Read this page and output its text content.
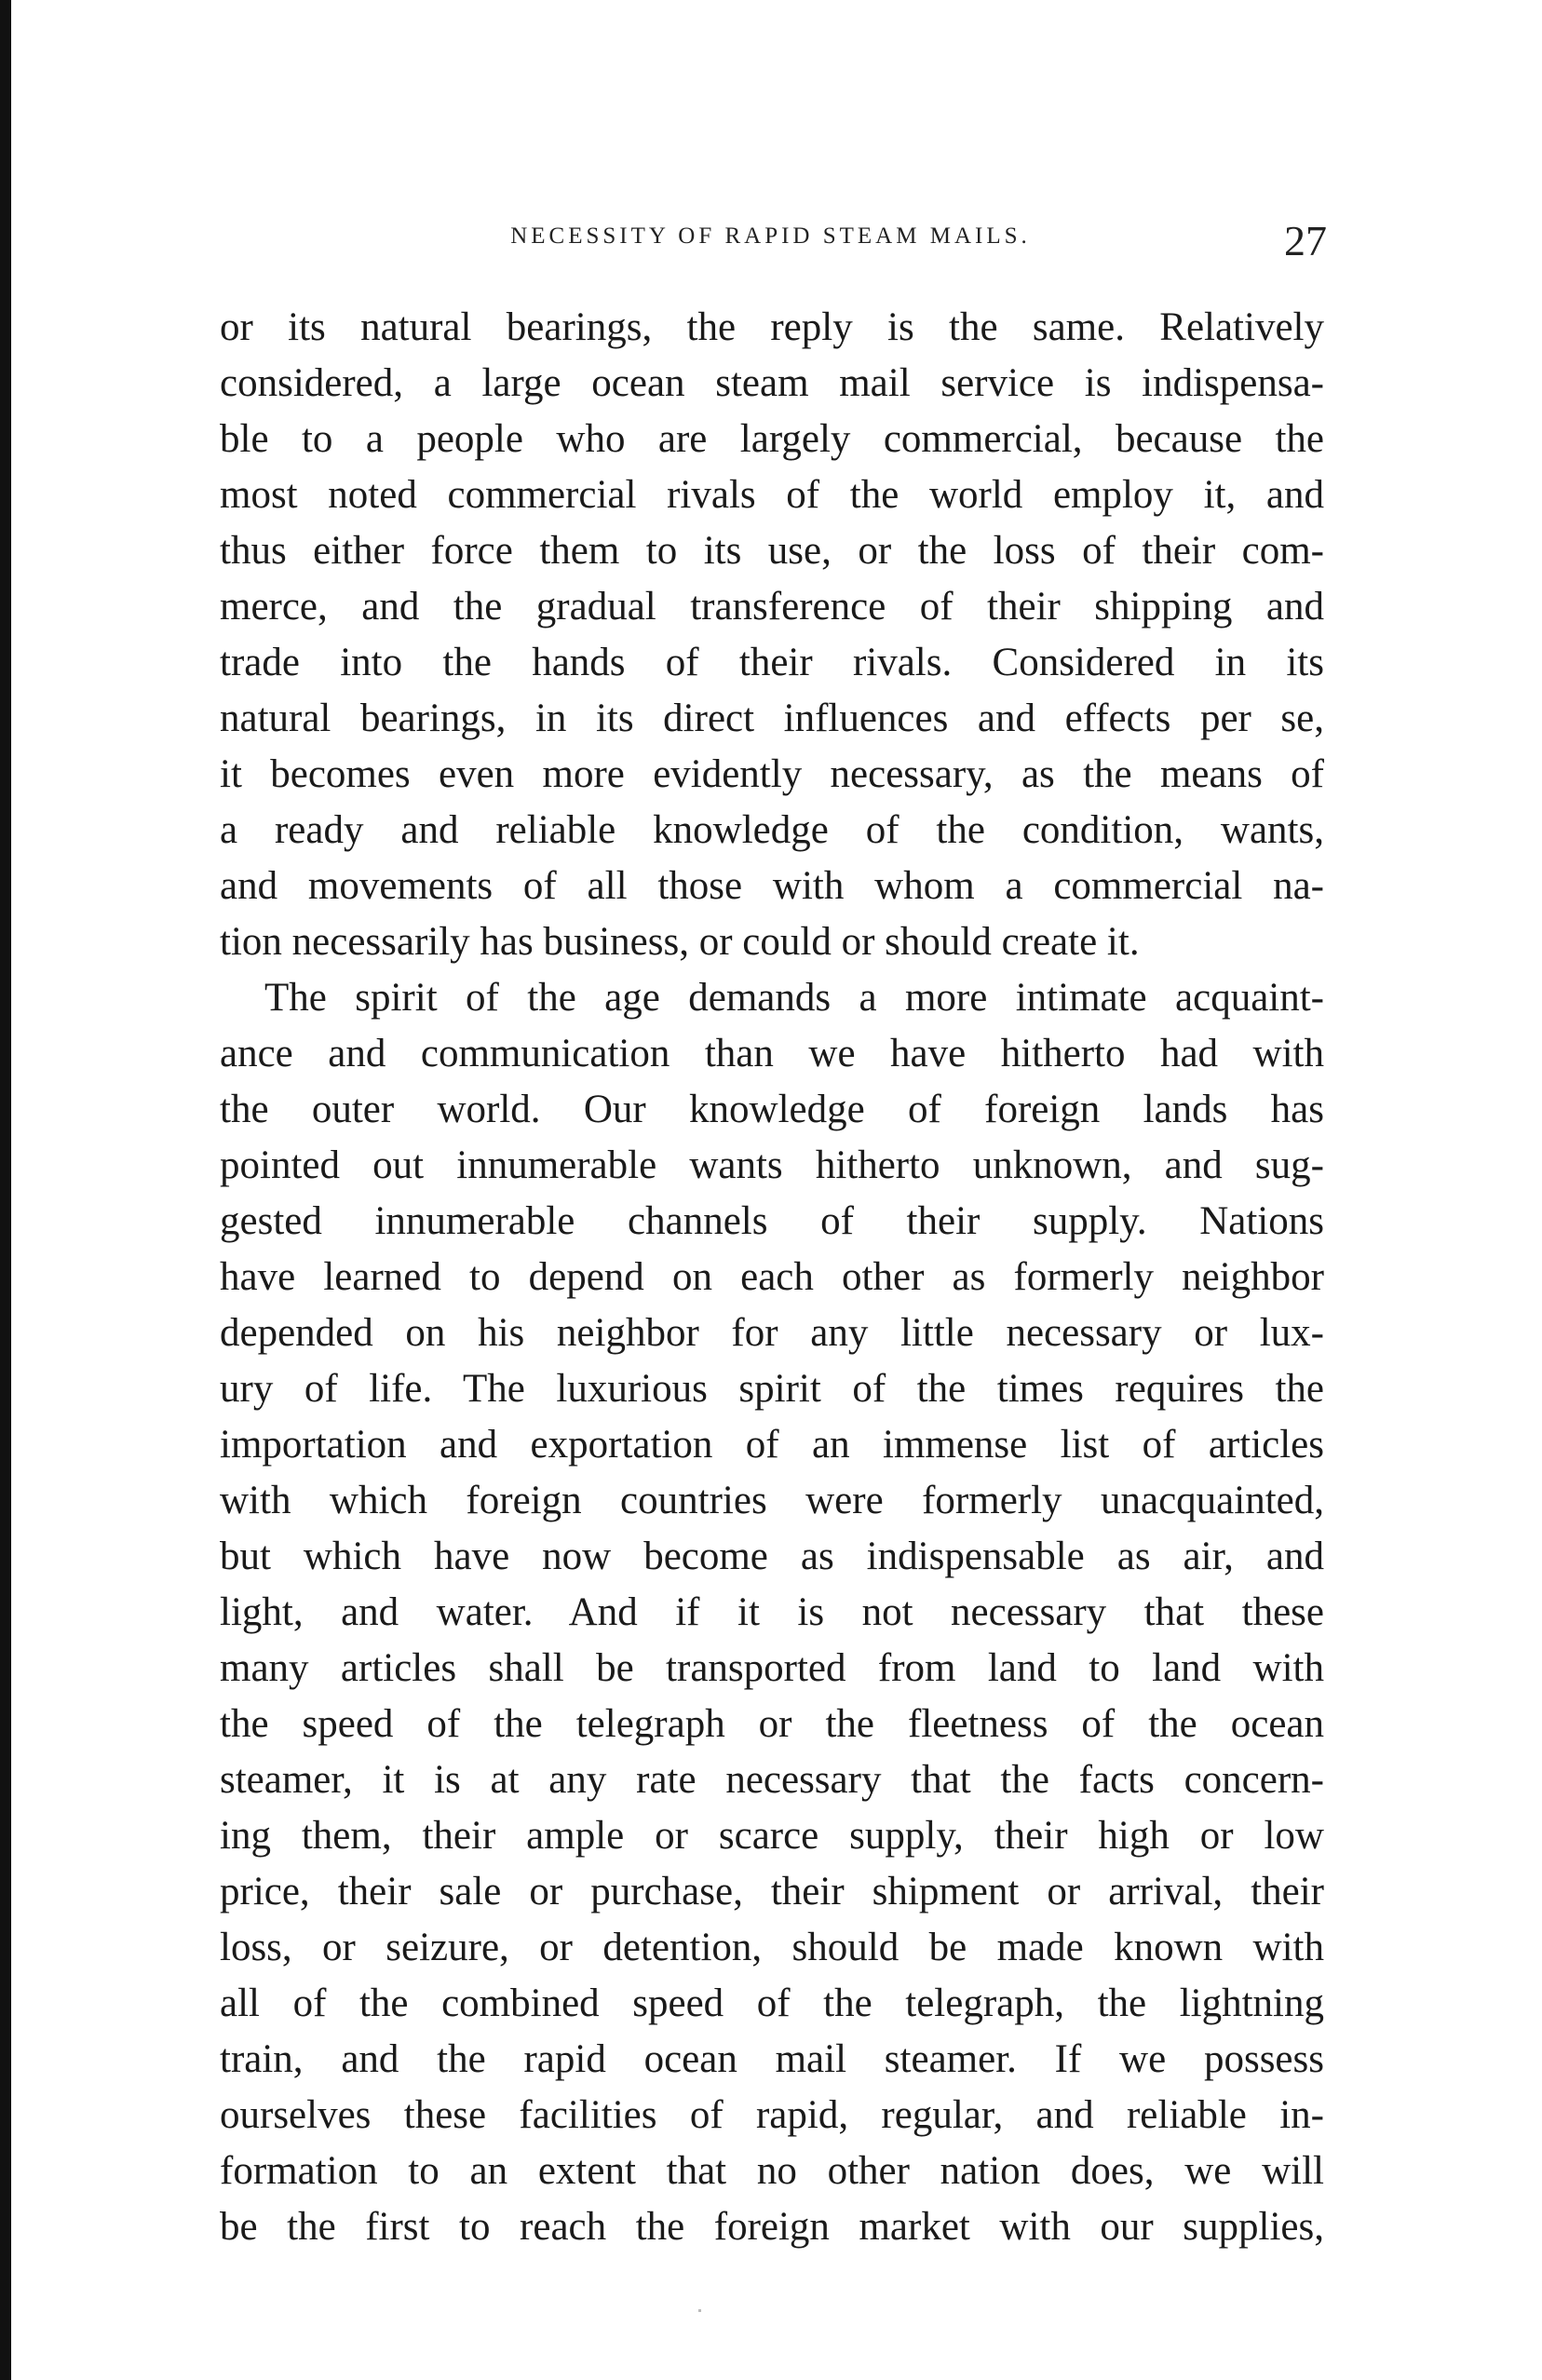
NECESSITY OF RAPID STEAM MAILS.	27
or its natural bearings, the reply is the same. Relatively
considered, a large ocean steam mail service is indispensa-
ble to a people who are largely commercial, because the
most noted commercial rivals of the world employ it, and
thus either force them to its use, or the loss of their com-
merce, and the gradual transference of their shipping and
trade into the hands of their rivals. Considered in its
natural bearings, in its direct influences and effects per se,
it becomes even more evidently necessary, as the means of
a ready and reliable knowledge of the condition, wants,
and movements of all those with whom a commercial na-
tion necessarily has business, or could or should create it.
The spirit of the age demands a more intimate acquaint-
ance and communication than we have hitherto had with
the outer world. Our knowledge of foreign lands has
pointed out innumerable wants hitherto unknown, and sug-
gested innumerable channels of their supply. Nations
have learned to depend on each other as formerly neighbor
depended on his neighbor for any little necessary or lux-
ury of life. The luxurious spirit of the times requires the
importation and exportation of an immense list of articles
with which foreign countries were formerly unacquainted,
but which have now become as indispensable as air, and
light, and water. And if it is not necessary that these
many articles shall be transported from land to land with
the speed of the telegraph or the fleetness of the ocean
steamer, it is at any rate necessary that the facts concern-
ing them, their ample or scarce supply, their high or low
price, their sale or purchase, their shipment or arrival, their
loss, or seizure, or detention, should be made known with
all of the combined speed of the telegraph, the lightning
train, and the rapid ocean mail steamer. If we possess
ourselves these facilities of rapid, regular, and reliable in-
formation to an extent that no other nation does, we will
be the first to reach the foreign market with our supplies,
